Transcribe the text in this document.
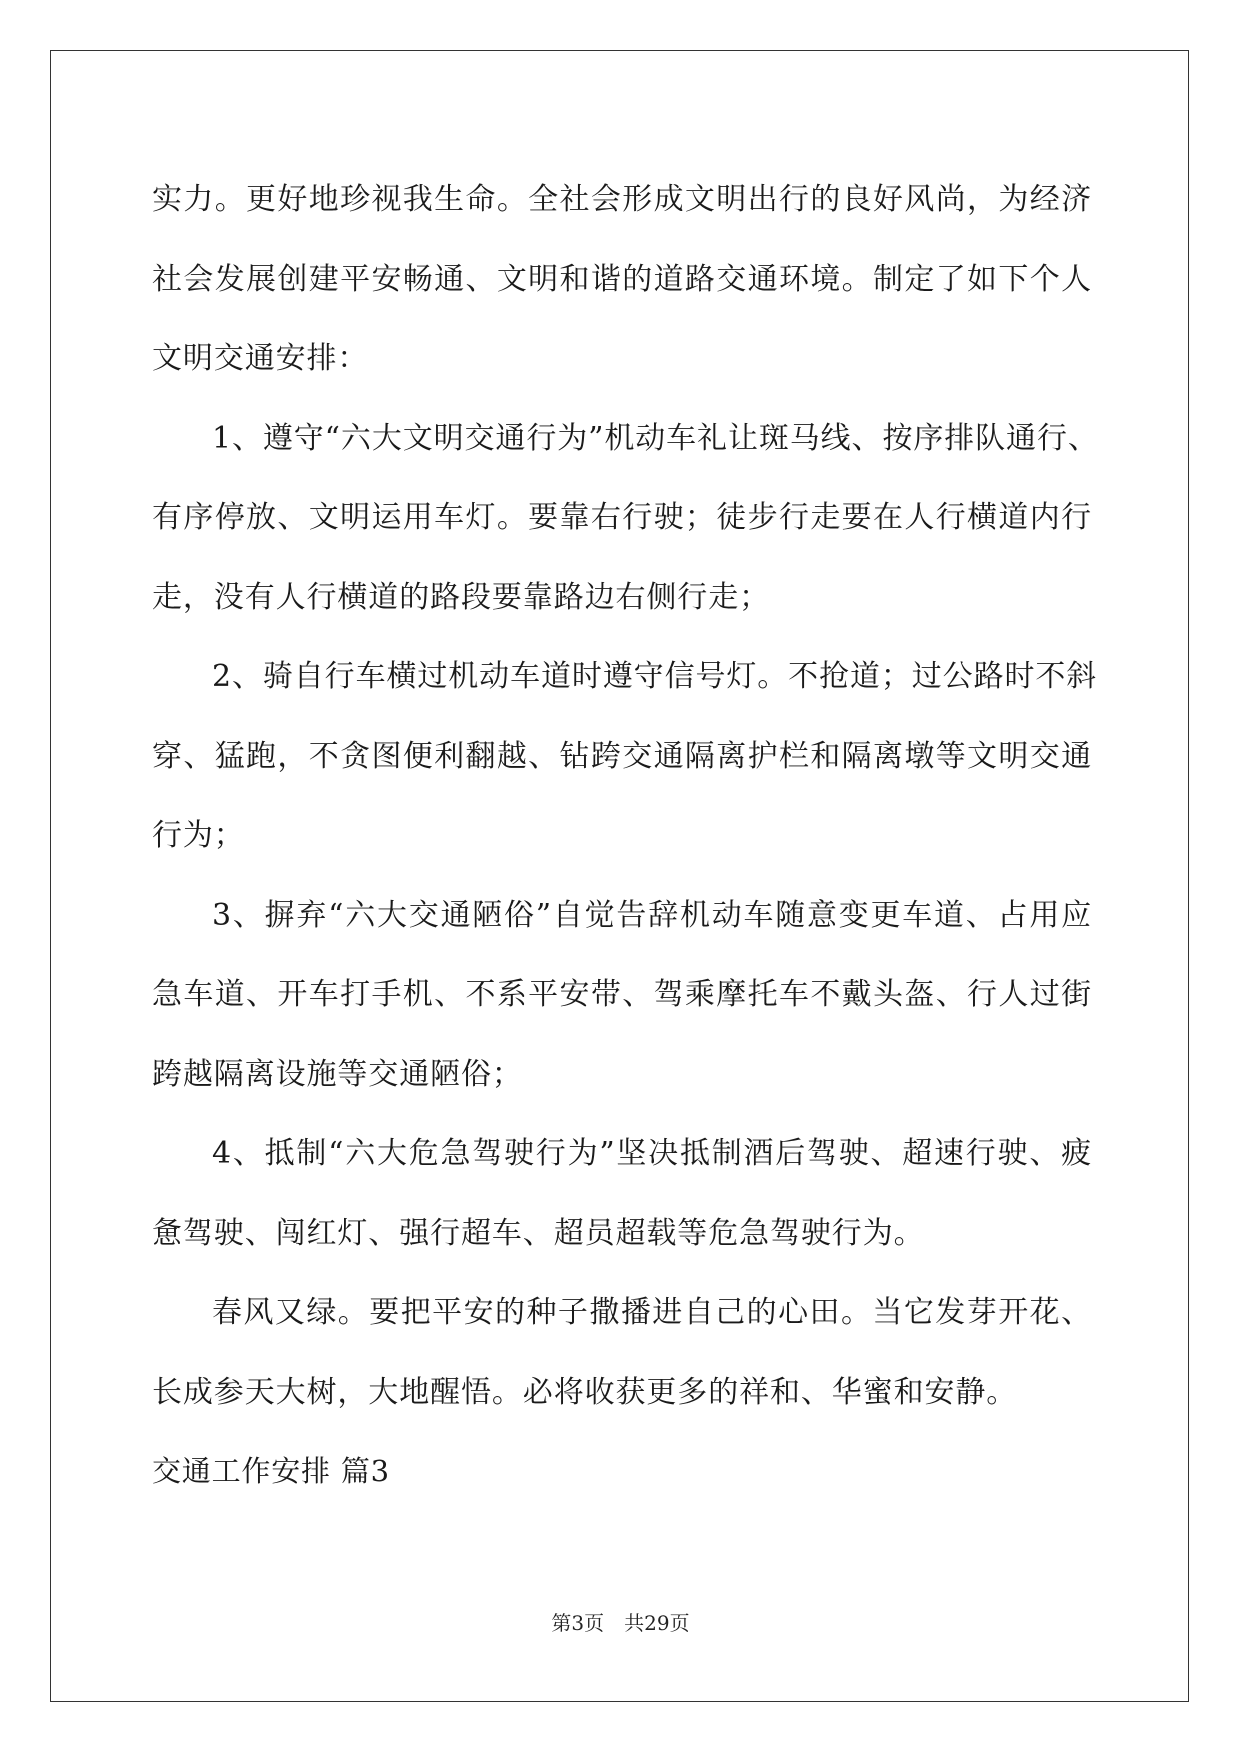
实力。更好地珍视我生命。全社会形成文明出行的良好风尚，为经济
社会发展创建平安畅通、文明和谐的道路交通环境。制定了如下个人
文明交通安排：
1、遵守“六大文明交通行为”机动车礼让斑马线、按序排队通行、
有序停放、文明运用车灯。要靠右行驶；徒步行走要在人行横道内行
走，没有人行横道的路段要靠路边右侧行走；
2、骑自行车横过机动车道时遵守信号灯。不抢道；过公路时不斜
穿、猛跑，不贪图便利翻越、钻跨交通隔离护栏和隔离墩等文明交通
行为；
3、摒弃“六大交通陋俗”自觉告辞机动车随意变更车道、占用应
急车道、开车打手机、不系平安带、驾乘摩托车不戴头盔、行人过街
跨越隔离设施等交通陋俗；
4、抵制“六大危急驾驶行为”坚决抵制酒后驾驶、超速行驶、疲
惫驾驶、闯红灯、强行超车、超员超载等危急驾驶行为。
春风又绿。要把平安的种子撒播进自己的心田。当它发芽开花、
长成参天大树，大地醒悟。必将收获更多的祥和、华蜜和安静。
交通工作安排 篇3
第3页 共29页
